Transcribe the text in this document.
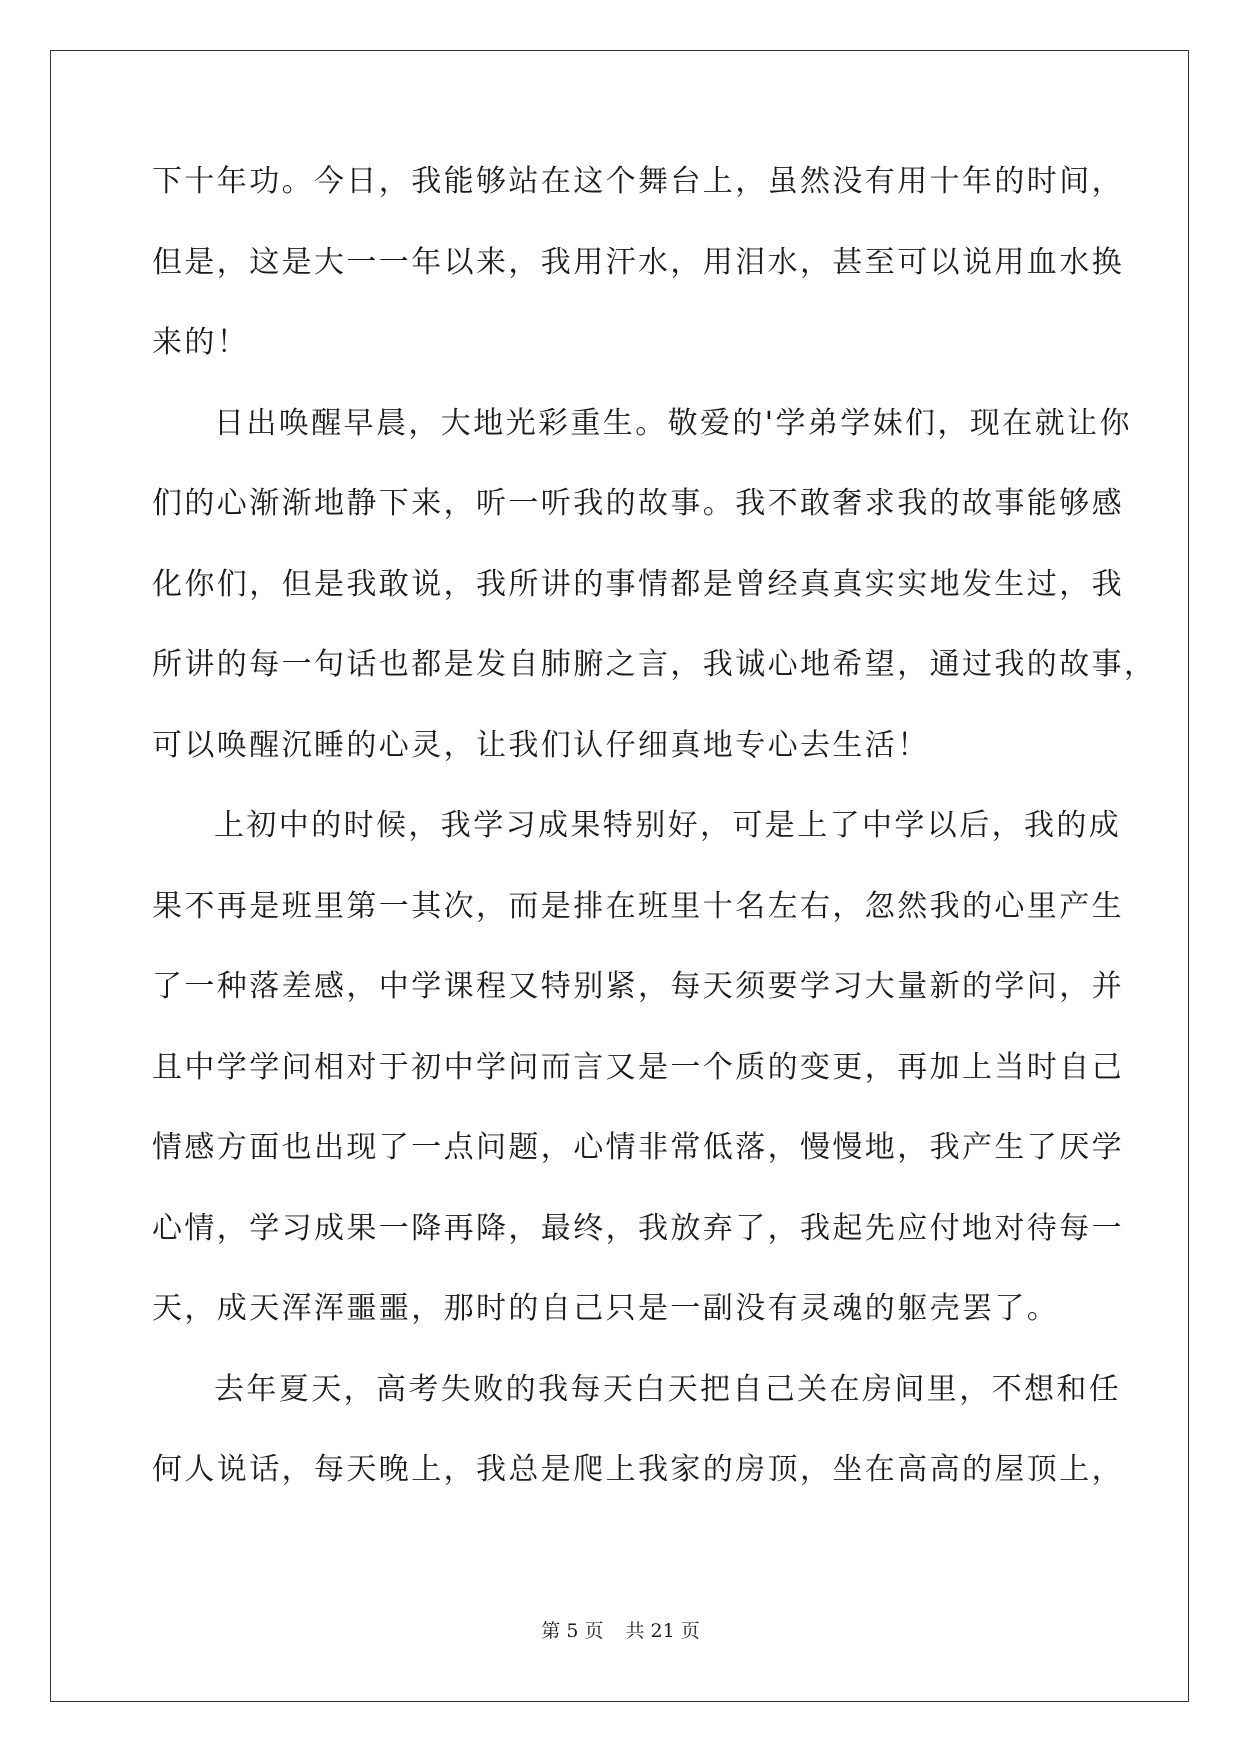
下十年功。今日，我能够站在这个舞台上，虽然没有用十年的时间，
但是，这是大一一年以来，我用汗水，用泪水，甚至可以说用血水换
来的！
日出唤醒早晨，大地光彩重生。敬爱的'学弟学妹们，现在就让你
们的心渐渐地静下来，听一听我的故事。我不敢奢求我的故事能够感
化你们，但是我敢说，我所讲的事情都是曾经真真实实地发生过，我
所讲的每一句话也都是发自肺腑之言，我诚心地希望，通过我的故事，
可以唤醒沉睡的心灵，让我们认仔细真地专心去生活！
上初中的时候，我学习成果特别好，可是上了中学以后，我的成
果不再是班里第一其次，而是排在班里十名左右，忽然我的心里产生
了一种落差感，中学课程又特别紧，每天须要学习大量新的学问，并
且中学学问相对于初中学问而言又是一个质的变更，再加上当时自己
情感方面也出现了一点问题，心情非常低落，慢慢地，我产生了厌学
心情，学习成果一降再降，最终，我放弃了，我起先应付地对待每一
天，成天浑浑噩噩，那时的自己只是一副没有灵魂的躯壳罢了。
去年夏天，高考失败的我每天白天把自己关在房间里，不想和任
何人说话，每天晚上，我总是爬上我家的房顶，坐在高高的屋顶上，
第 5 页 共 21 页
